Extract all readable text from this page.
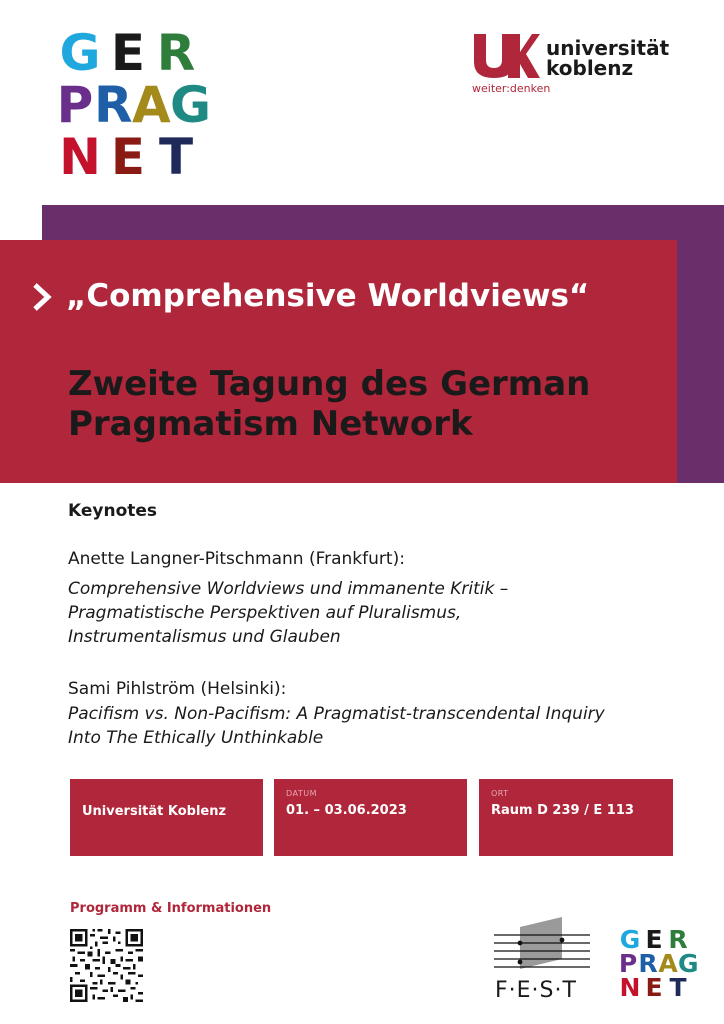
G E R
P R A G
N E T
universität
koblenz
weiter:denken
„Comprehensive Worldviews“
Zweite Tagung des German
Pragmatism Network
Keynotes
Anette Langner-Pitschmann (Frankfurt):
Comprehensive Worldviews und immanente Kritik –
Pragmatistische Perspektiven auf Pluralismus,
Instrumentalismus und Glauben
Sami Pihlström (Helsinki):
Pacifism vs. Non-Pacifism: A Pragmatist-transcendental Inquiry
Into The Ethically Unthinkable
Universität Koblenz
DATUM
01. – 03.06.2023
ORT
Raum D 239 / E 113
Programm & Informationen
F·E·S·T
G E R
P R A G
N E T
